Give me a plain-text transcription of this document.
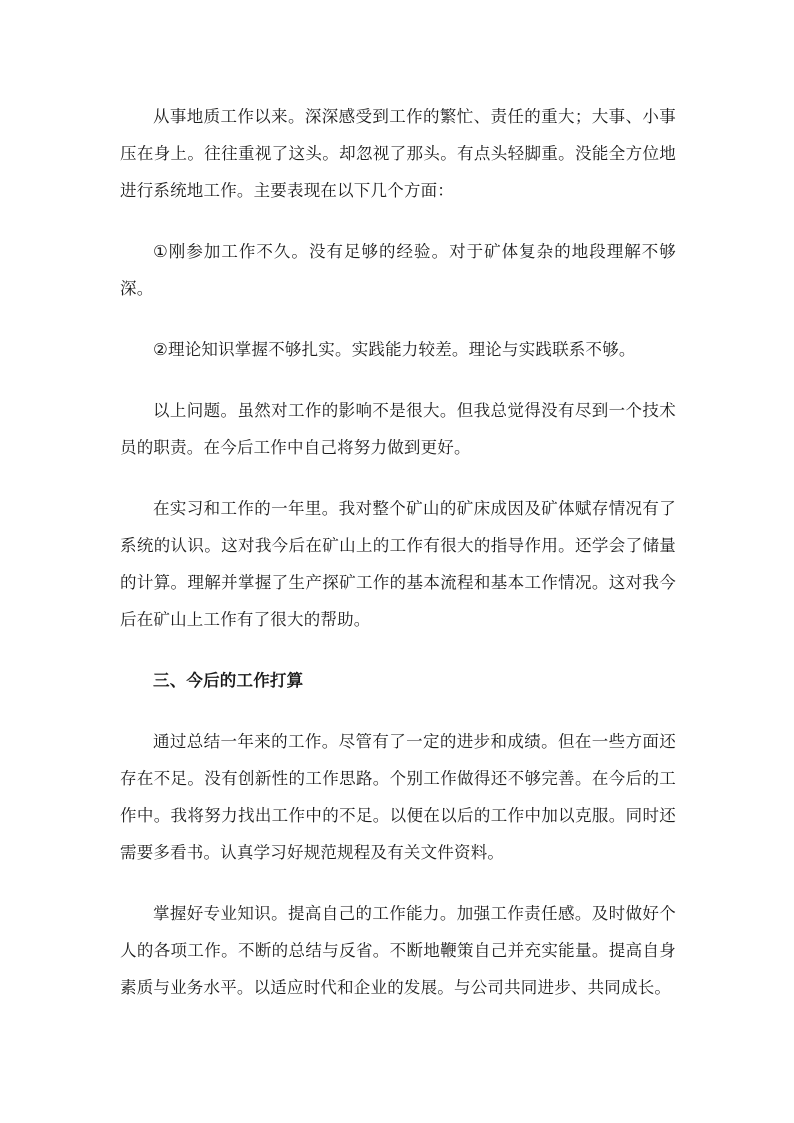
从事地质工作以来。深深感受到工作的繁忙、责任的重大；大事、小事压在身上。往往重视了这头。却忽视了那头。有点头轻脚重。没能全方位地进行系统地工作。主要表现在以下几个方面：

①刚参加工作不久。没有足够的经验。对于矿体复杂的地段理解不够深。

②理论知识掌握不够扎实。实践能力较差。理论与实践联系不够。

以上问题。虽然对工作的影响不是很大。但我总觉得没有尽到一个技术员的职责。在今后工作中自己将努力做到更好。

在实习和工作的一年里。我对整个矿山的矿床成因及矿体赋存情况有了系统的认识。这对我今后在矿山上的工作有很大的指导作用。还学会了储量的计算。理解并掌握了生产探矿工作的基本流程和基本工作情况。这对我今后在矿山上工作有了很大的帮助。

三、今后的工作打算

通过总结一年来的工作。尽管有了一定的进步和成绩。但在一些方面还存在不足。没有创新性的工作思路。个别工作做得还不够完善。在今后的工作中。我将努力找出工作中的不足。以便在以后的工作中加以克服。同时还需要多看书。认真学习好规范规程及有关文件资料。

掌握好专业知识。提高自己的工作能力。加强工作责任感。及时做好个人的各项工作。不断的总结与反省。不断地鞭策自己并充实能量。提高自身素质与业务水平。以适应时代和企业的发展。与公司共同进步、共同成长。
